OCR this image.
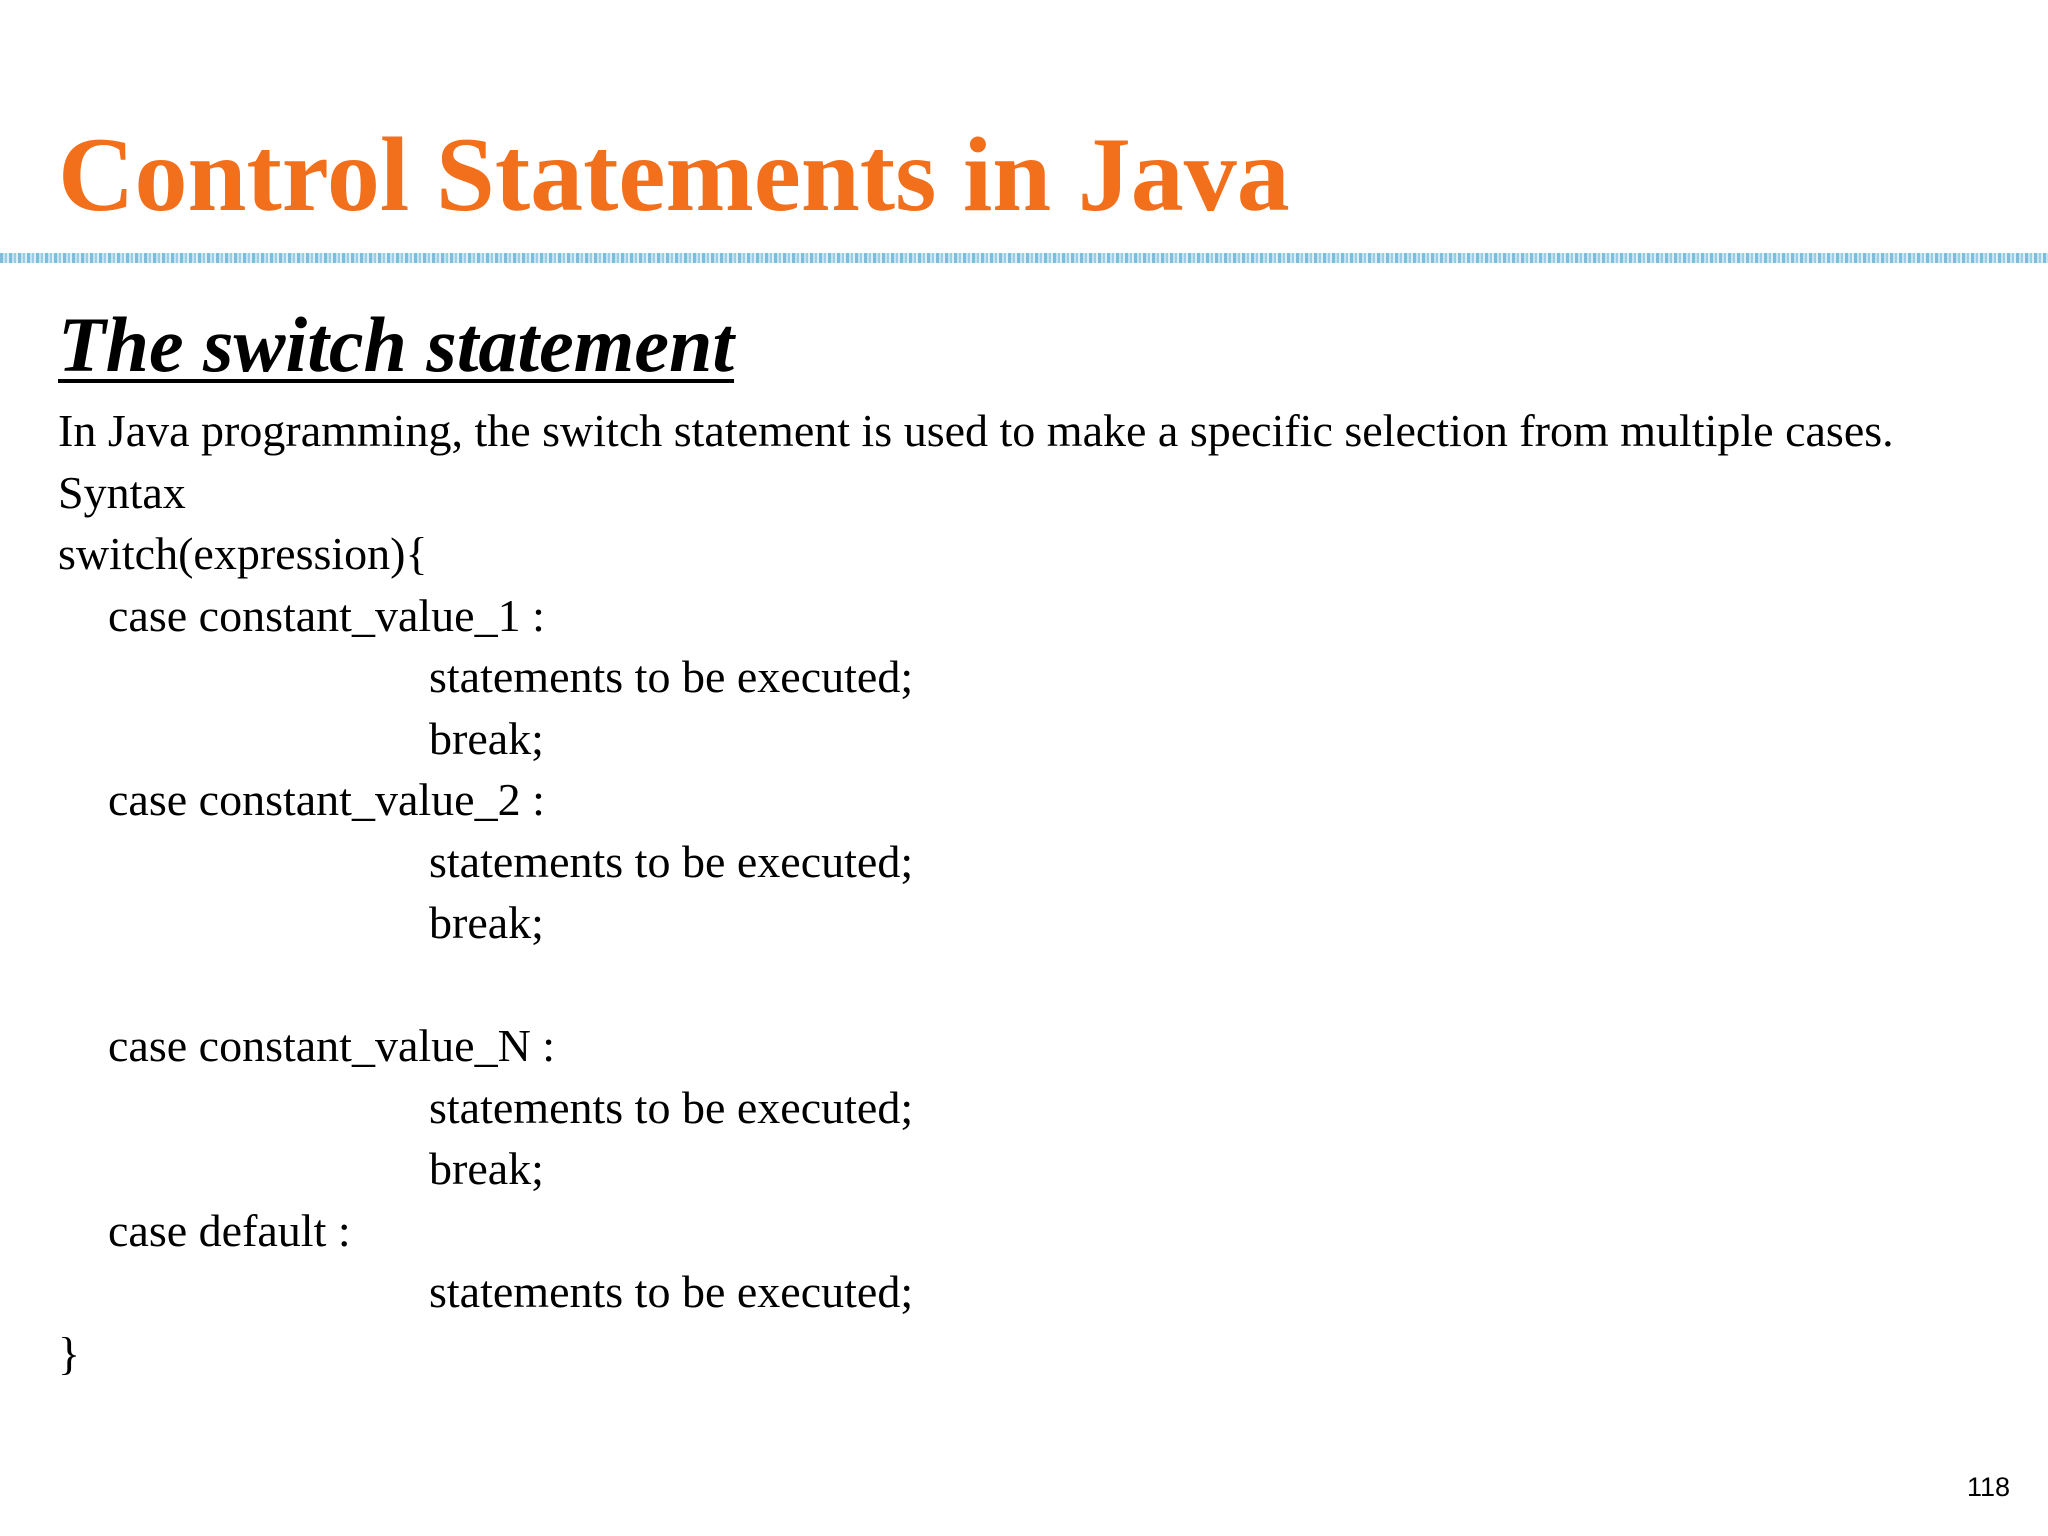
Control Statements in Java
The switch statement

In Java programming, the switch statement is used to make a specific selection from multiple cases.

Syntax

switch(expression){

case constant_value_1 :

statements to be executed;

break;

case constant_value_2 :

statements to be executed;

break;

case constant_value_N :

statements to be executed;

break;

case default :

statements to be executed;

}

118
